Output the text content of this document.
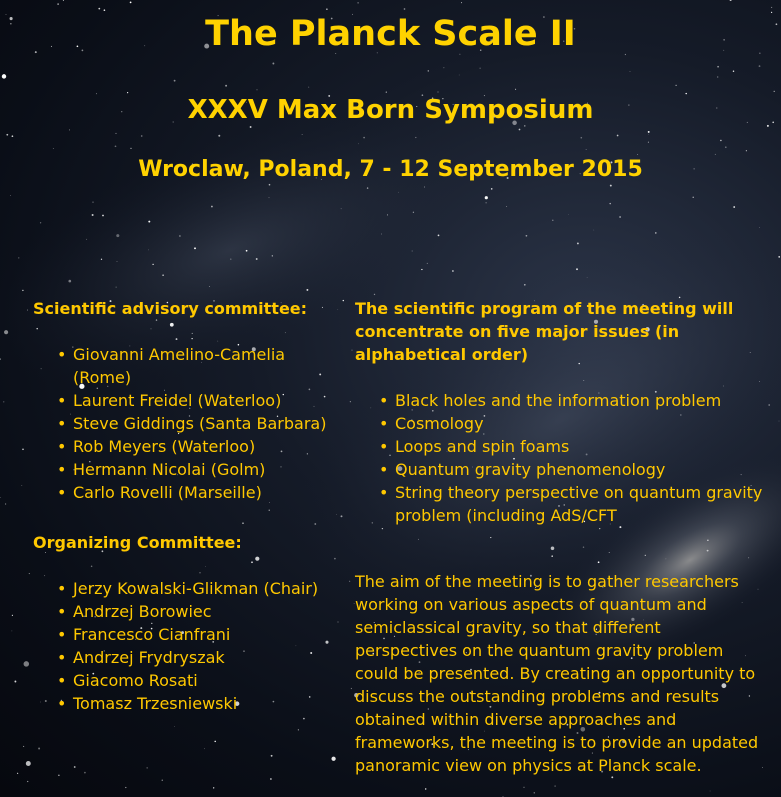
The Planck Scale II
XXXV Max Born Symposium
Wroclaw, Poland, 7 - 12 September 2015

Scientific advisory committee:

• Giovanni Amelino-Camelia (Rome)
• Laurent Freidel (Waterloo)
• Steve Giddings (Santa Barbara)
• Rob Meyers (Waterloo)
• Hermann Nicolai (Golm)
• Carlo Rovelli (Marseille)

Organizing Committee:

• Jerzy Kowalski-Glikman (Chair)
• Andrzej Borowiec
• Francesco Cianfrani
• Andrzej Frydryszak
• Giacomo Rosati
• Tomasz Trzesniewski

The scientific program of the meeting will concentrate on five major issues (in alphabetical order)

• Black holes and the information problem
• Cosmology
• Loops and spin foams
• Quantum gravity phenomenology
• String theory perspective on quantum gravity problem (including AdS/CFT

The aim of the meeting is to gather researchers working on various aspects of quantum and semiclassical gravity, so that different perspectives on the quantum gravity problem could be presented. By creating an opportunity to discuss the outstanding problems and results obtained within diverse approaches and frameworks, the meeting is to provide an updated panoramic view on physics at Planck scale.
